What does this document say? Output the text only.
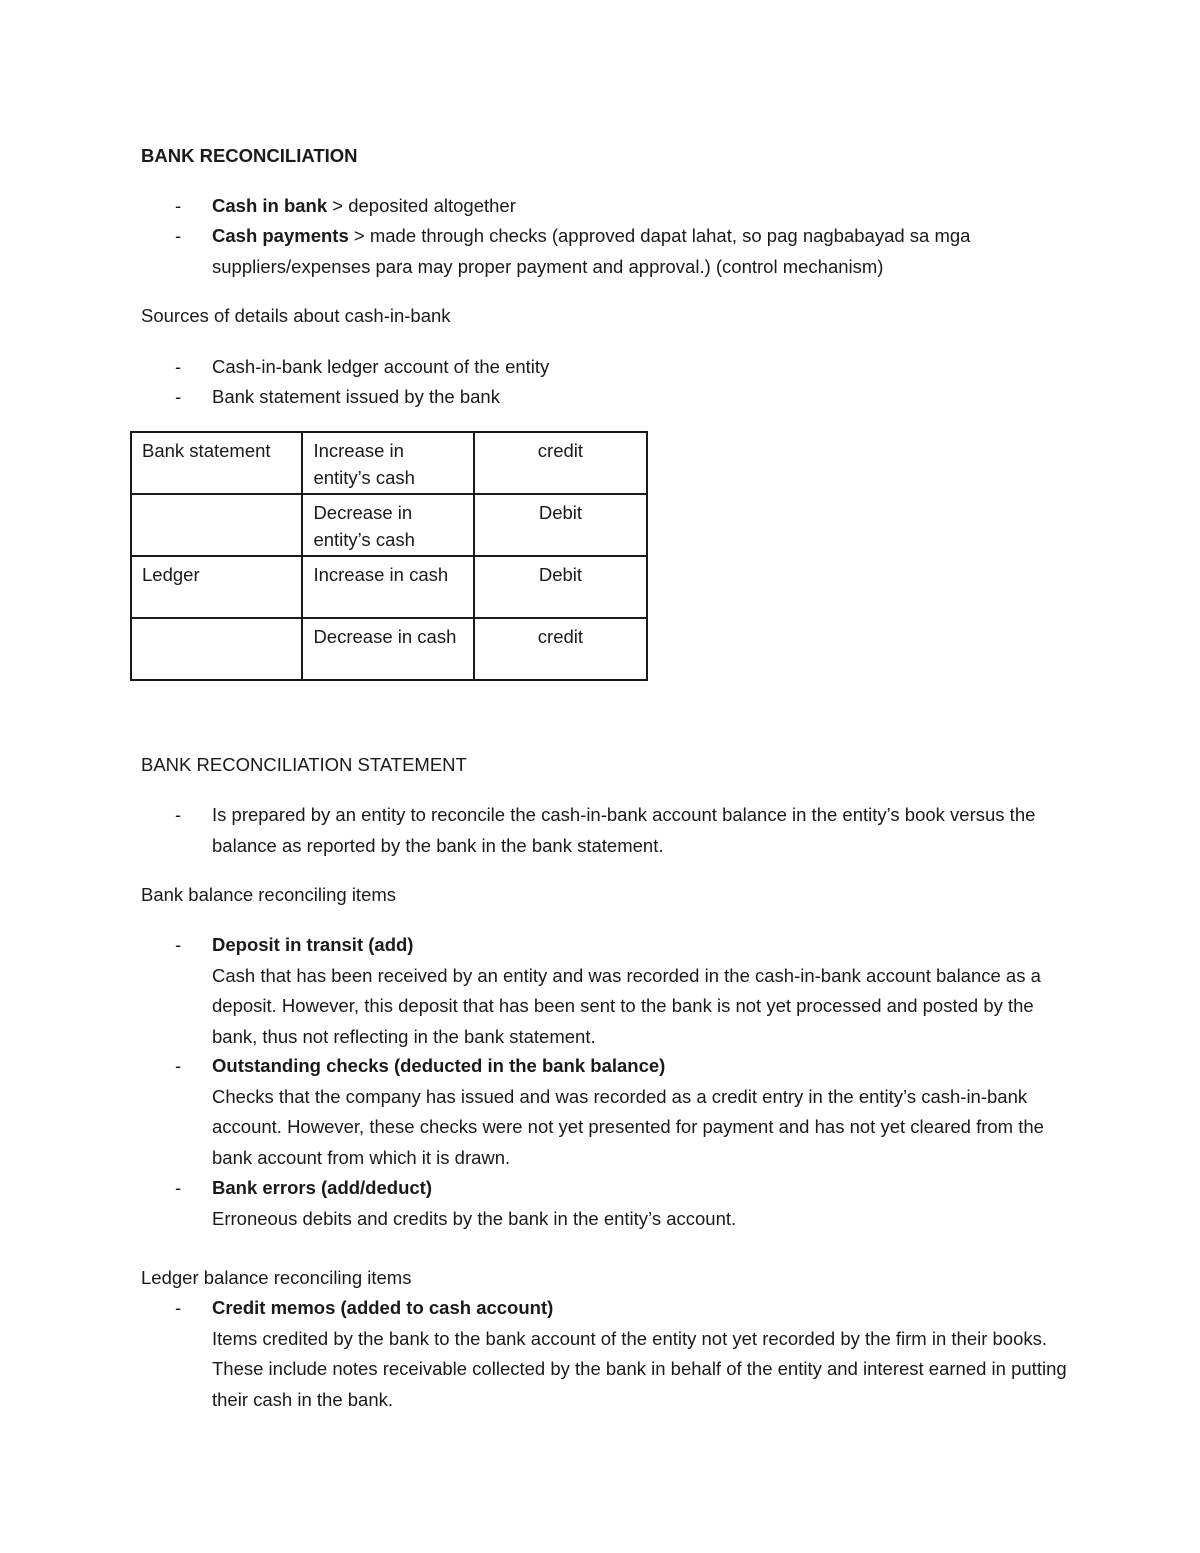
BANK RECONCILIATION
- Cash in bank > deposited altogether
- Cash payments > made through checks (approved dapat lahat, so pag nagbabayad sa mga suppliers/expenses para may proper payment and approval.) (control mechanism)
Sources of details about cash-in-bank
- Cash-in-bank ledger account of the entity
- Bank statement issued by the bank
Bank statement	Increase in entity’s cash	credit
	Decrease in entity’s cash	Debit
Ledger	Increase in cash	Debit
	Decrease in cash	credit
BANK RECONCILIATION STATEMENT
- Is prepared by an entity to reconcile the cash-in-bank account balance in the entity’s book versus the balance as reported by the bank in the bank statement.
Bank balance reconciling items
- Deposit in transit (add)

Cash that has been received by an entity and was recorded in the cash-in-bank account balance as a deposit. However, this deposit that has been sent to the bank is not yet processed and posted by the bank, thus not reflecting in the bank statement.

- Outstanding checks (deducted in the bank balance)

Checks that the company has issued and was recorded as a credit entry in the entity’s cash-in-bank account. However, these checks were not yet presented for payment and has not yet cleared from the bank account from which it is drawn.

- Bank errors (add/deduct)

Erroneous debits and credits by the bank in the entity’s account.

Ledger balance reconciling items
- Credit memos (added to cash account)

Items credited by the bank to the bank account of the entity not yet recorded by the firm in their books. These include notes receivable collected by the bank in behalf of the entity and interest earned in putting their cash in the bank.
